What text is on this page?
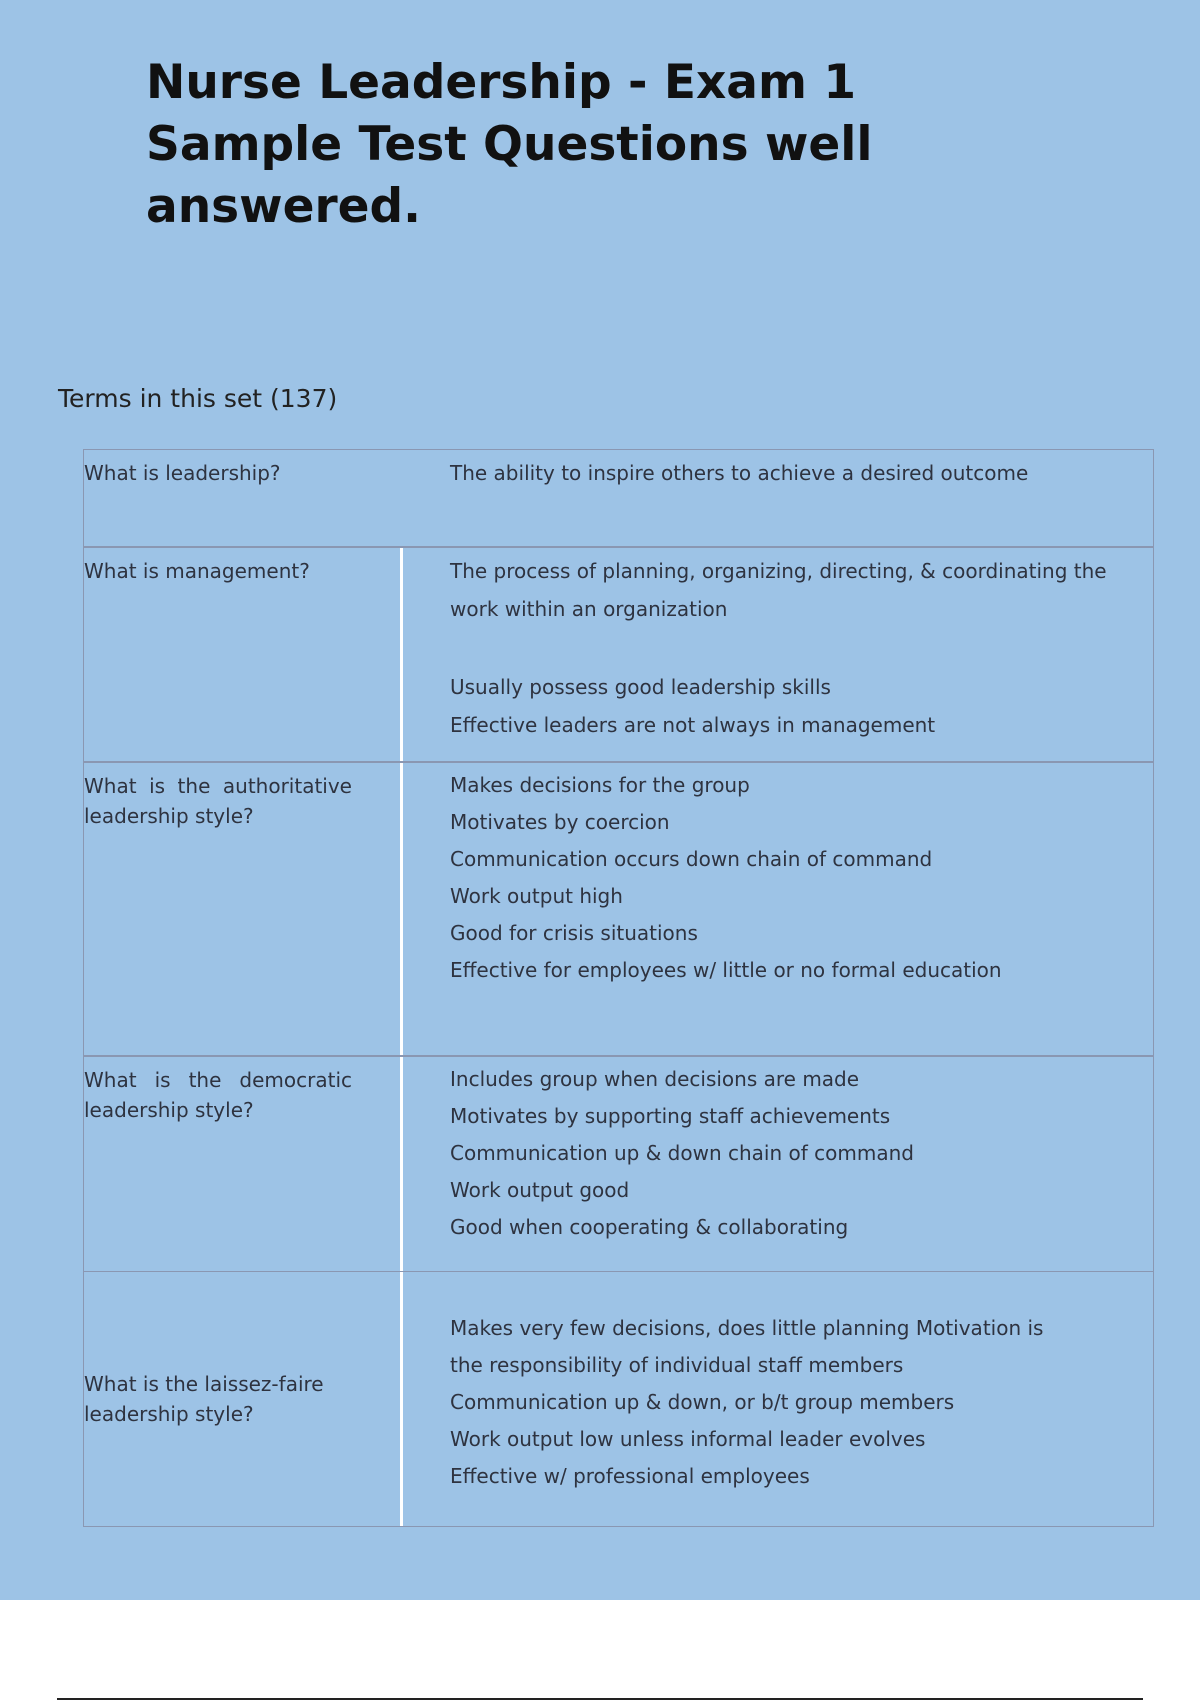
Nurse Leadership - Exam 1
Sample Test Questions well
answered.

Terms in this set (137)

What is leadership?	The ability to inspire others to achieve a desired outcome
What is management?	The process of planning, organizing, directing, & coordinating the
work within an organization
Usually possess good leadership skills
Effective leaders are not always in management
What is the authoritative leadership style?
Makes decisions for the group
Motivates by coercion
Communication occurs down chain of command
Work output high
Good for crisis situations
Effective for employees w/ little or no formal education
What is the democratic leadership style?
Includes group when decisions are made
Motivates by supporting staff achievements
Communication up & down chain of command
Work output good
Good when cooperating & collaborating
What is the laissez-faire leadership style?
Makes very few decisions, does little planning Motivation is
the responsibility of individual staff members
Communication up & down, or b/t group members
Work output low unless informal leader evolves
Effective w/ professional employees
